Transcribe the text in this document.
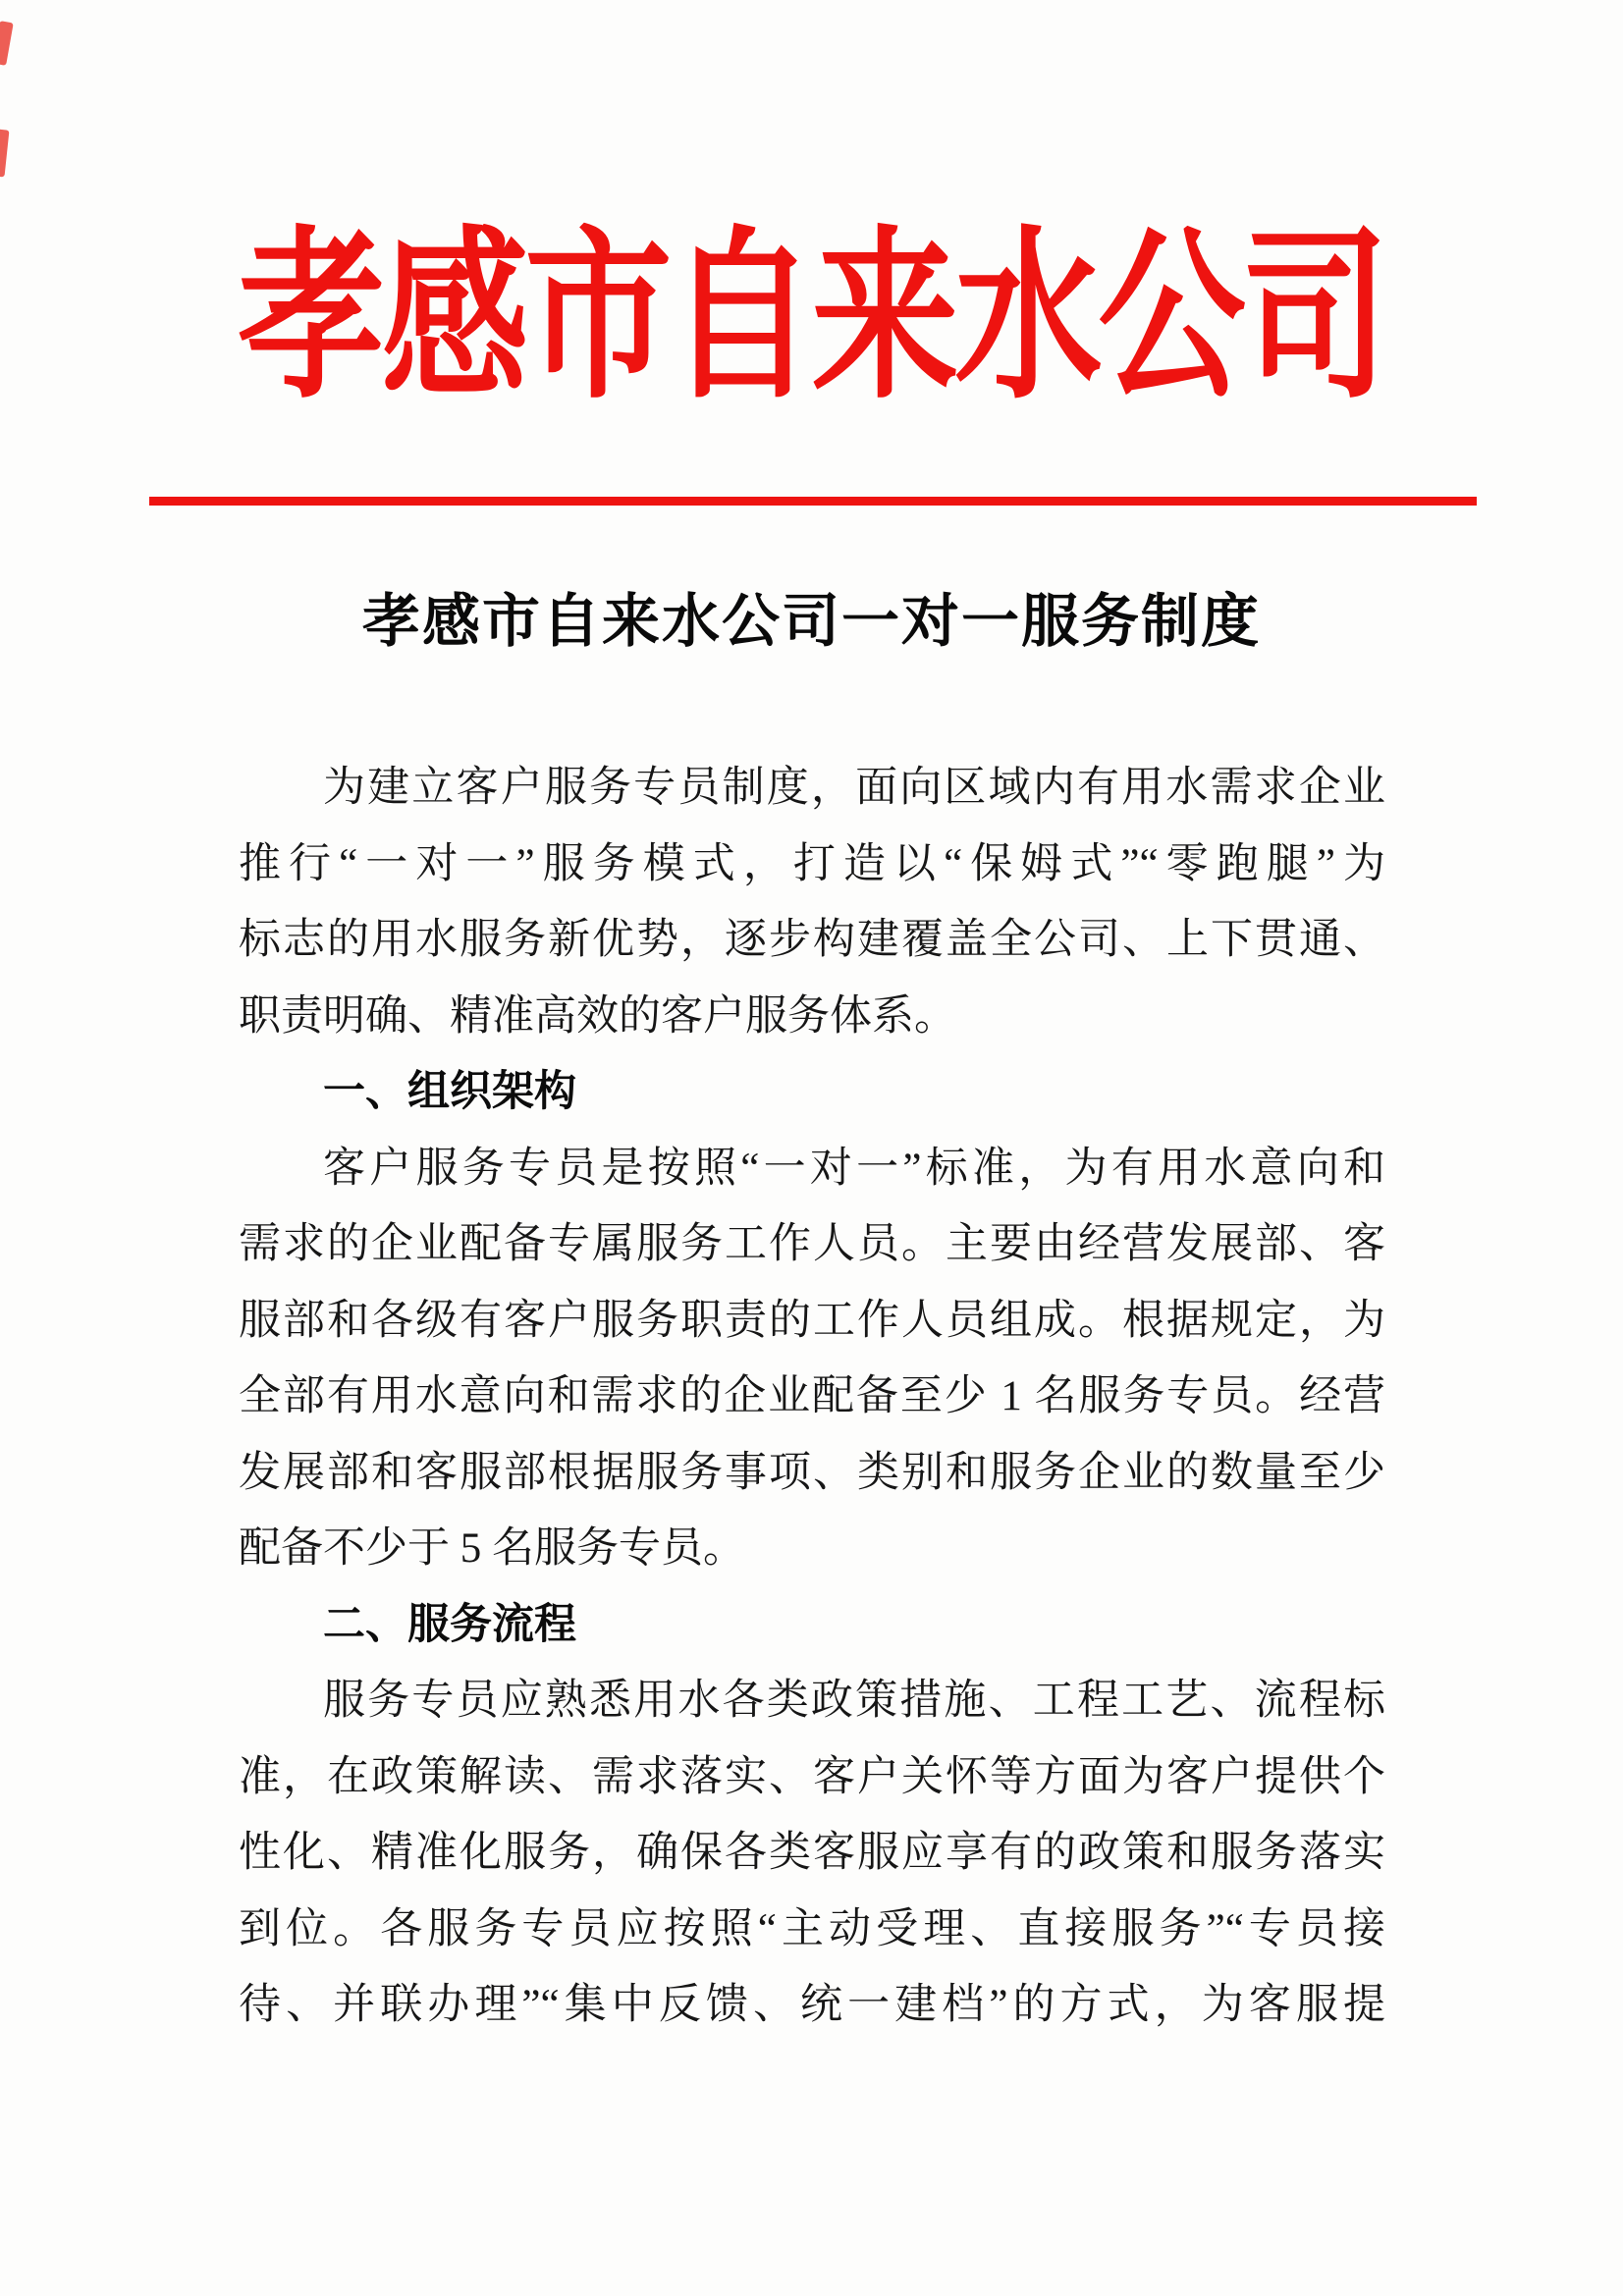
孝感市自来水公司
孝感市自来水公司一对一服务制度
为建立客户服务专员制度，面向区域内有用水需求企业
推行“一对一”服务模式，打造以“保姆式”“零跑腿”为
标志的用水服务新优势，逐步构建覆盖全公司、上下贯通、
职责明确、精准高效的客户服务体系。
一、组织架构
客户服务专员是按照“一对一”标准，为有用水意向和
需求的企业配备专属服务工作人员。主要由经营发展部、客
服部和各级有客户服务职责的工作人员组成。根据规定，为
全部有用水意向和需求的企业配备至少 1 名服务专员。经营
发展部和客服部根据服务事项、类别和服务企业的数量至少
配备不少于 5 名服务专员。
二、服务流程
服务专员应熟悉用水各类政策措施、工程工艺、流程标
准，在政策解读、需求落实、客户关怀等方面为客户提供个
性化、精准化服务，确保各类客服应享有的政策和服务落实
到位。各服务专员应按照“主动受理、直接服务”“专员接
待、并联办理”“集中反馈、统一建档”的方式，为客服提
